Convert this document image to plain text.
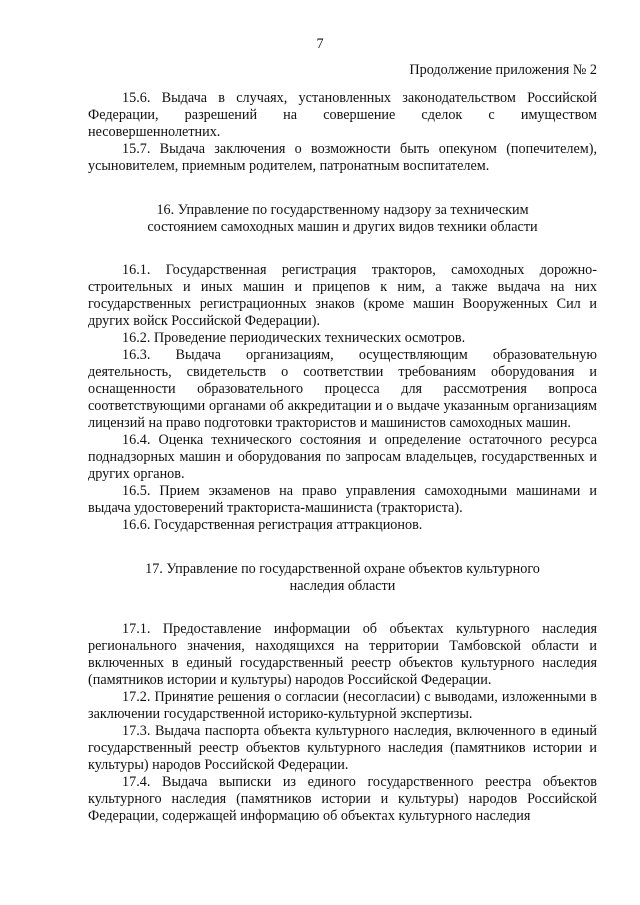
7

Продолжение приложения № 2

15.6. Выдача в случаях, установленных законодательством Российской Федерации, разрешений на совершение сделок с имуществом несовершеннолетних.

15.7. Выдача заключения о возможности быть опекуном (попечителем), усыновителем, приемным родителем, патронатным воспитателем.

16. Управление по государственному надзору за техническим
состоянием самоходных машин и других видов техники области

16.1. Государственная регистрация тракторов, самоходных дорожно-строительных и иных машин и прицепов к ним, а также выдача на них государственных регистрационных знаков (кроме машин Вооруженных Сил и других войск Российской Федерации).

16.2. Проведение периодических технических осмотров.

16.3. Выдача организациям, осуществляющим образовательную деятельность, свидетельств о соответствии требованиям оборудования и оснащенности образовательного процесса для рассмотрения вопроса соответствующими органами об аккредитации и о выдаче указанным организациям лицензий на право подготовки трактористов и машинистов самоходных машин.

16.4. Оценка технического состояния и определение остаточного ресурса поднадзорных машин и оборудования по запросам владельцев, государственных и других органов.

16.5. Прием экзаменов на право управления самоходными машинами и выдача удостоверений тракториста-машиниста (тракториста).

16.6. Государственная регистрация аттракционов.

17. Управление по государственной охране объектов культурного
наследия области

17.1. Предоставление информации об объектах культурного наследия регионального значения, находящихся на территории Тамбовской области и включенных в единый государственный реестр объектов культурного наследия (памятников истории и культуры) народов Российской Федерации.

17.2. Принятие решения о согласии (несогласии) с выводами, изложенными в заключении государственной историко-культурной экспертизы.

17.3. Выдача паспорта объекта культурного наследия, включенного в единый государственный реестр объектов культурного наследия (памятников истории и культуры) народов Российской Федерации.

17.4. Выдача выписки из единого государственного реестра объектов культурного наследия (памятников истории и культуры) народов Российской Федерации, содержащей информацию об объектах культурного наследия
